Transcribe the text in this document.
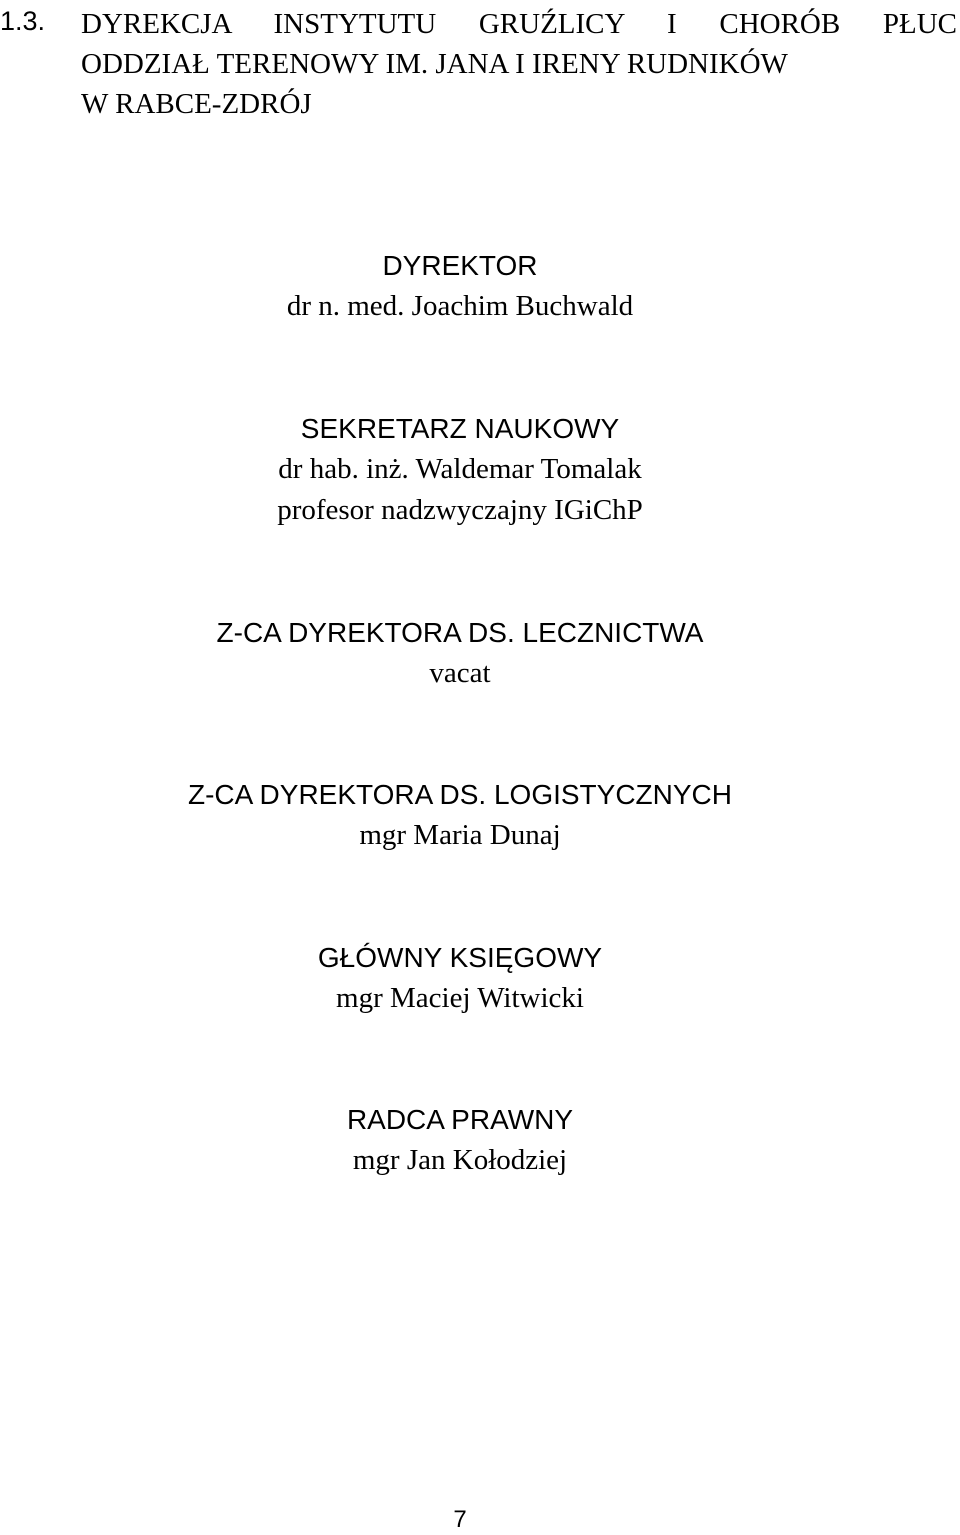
1.3. DYREKCJA INSTYTUTU GRUŹLICY I CHORÓB PŁUC
ODDZIAŁ TERENOWY IM. JANA I IRENY RUDNIKÓW
W RABCE-ZDRÓJ
DYREKTOR
dr n. med. Joachim Buchwald
SEKRETARZ NAUKOWY
dr hab. inż. Waldemar Tomalak
profesor nadzwyczajny IGiChP
Z-CA DYREKTORA DS. LECZNICTWA
vacat
Z-CA DYREKTORA DS. LOGISTYCZNYCH
mgr Maria Dunaj
GŁÓWNY KSIĘGOWY
mgr Maciej Witwicki
RADCA PRAWNY
mgr Jan Kołodziej
7
